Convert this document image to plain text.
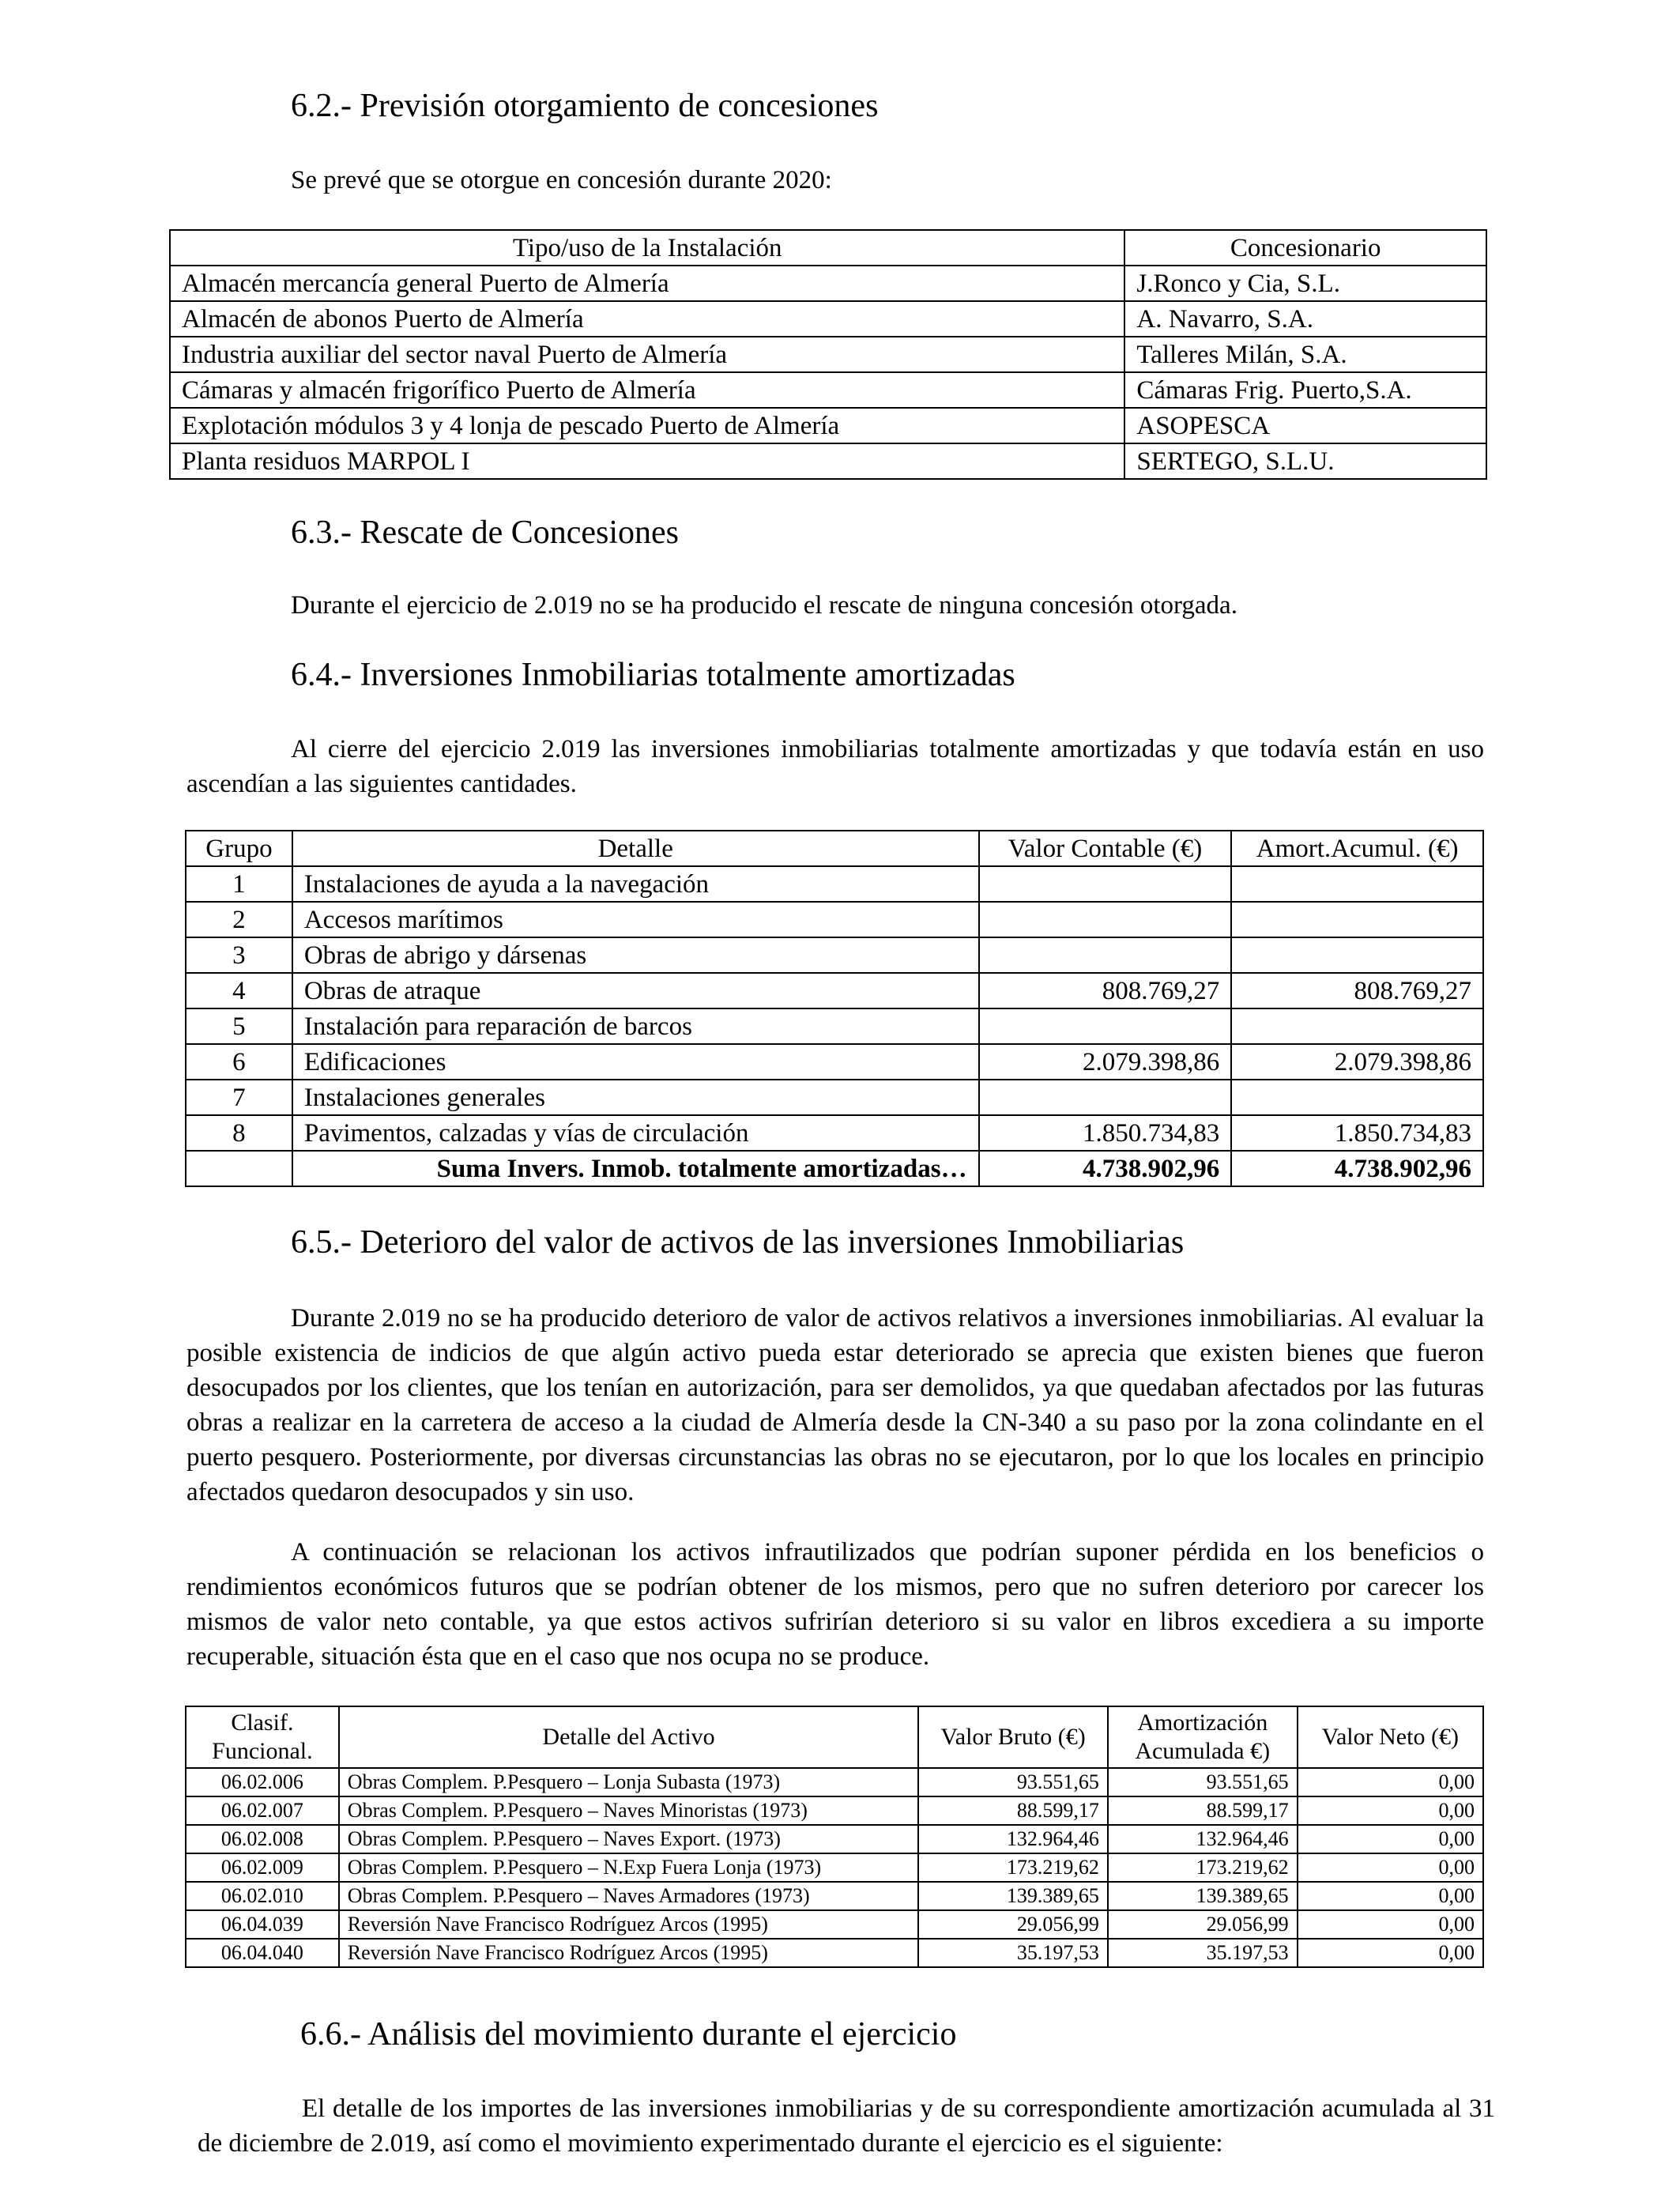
6.2.- Previsión otorgamiento de concesiones

Se prevé que se otorgue en concesión durante 2020:

Tipo/uso de la Instalación	Concesionario
Almacén mercancía general Puerto de Almería	J.Ronco y Cia, S.L.
Almacén de abonos Puerto de Almería	A. Navarro, S.A.
Industria auxiliar del sector naval Puerto de Almería	Talleres Milán, S.A.
Cámaras y almacén frigorífico Puerto de Almería	Cámaras Frig. Puerto,S.A.
Explotación módulos 3 y 4 lonja de pescado Puerto de Almería	ASOPESCA
Planta residuos MARPOL I	SERTEGO, S.L.U.
6.3.- Rescate de Concesiones

Durante el ejercicio de 2.019 no se ha producido el rescate de ninguna concesión otorgada.

6.4.- Inversiones Inmobiliarias totalmente amortizadas

Al cierre del ejercicio 2.019 las inversiones inmobiliarias totalmente amortizadas y que todavía están en uso ascendían a las siguientes cantidades.

Grupo	Detalle	Valor Contable (€)	Amort.Acumul. (€)
1	Instalaciones de ayuda a la navegación		
2	Accesos marítimos		
3	Obras de abrigo y dársenas		
4	Obras de atraque	808.769,27	808.769,27
5	Instalación para reparación de barcos		
6	Edificaciones	2.079.398,86	2.079.398,86
7	Instalaciones generales		
8	Pavimentos, calzadas y vías de circulación	1.850.734,83	1.850.734,83
	Suma Invers. Inmob. totalmente amortizadas…	4.738.902,96	4.738.902,96
6.5.- Deterioro del valor de activos de las inversiones Inmobiliarias

Durante 2.019 no se ha producido deterioro de valor de activos relativos a inversiones inmobiliarias. Al evaluar la posible existencia de indicios de que algún activo pueda estar deteriorado se aprecia que existen bienes que fueron desocupados por los clientes, que los tenían en autorización, para ser demolidos, ya que quedaban afectados por las futuras obras a realizar en la carretera de acceso a la ciudad de Almería desde la CN-340 a su paso por la zona colindante en el puerto pesquero. Posteriormente, por diversas circunstancias las obras no se ejecutaron, por lo que los locales en principio afectados quedaron desocupados y sin uso.

A continuación se relacionan los activos infrautilizados que podrían suponer pérdida en los beneficios o rendimientos económicos futuros que se podrían obtener de los mismos, pero que no sufren deterioro por carecer los mismos de valor neto contable, ya que estos activos sufrirían deterioro si su valor en libros excediera a su importe recuperable, situación ésta que en el caso que nos ocupa no se produce.

Clasif. Funcional.	Detalle del Activo	Valor Bruto (€)	Amortización Acumulada €)	Valor Neto (€)
06.02.006	Obras Complem. P.Pesquero – Lonja Subasta (1973)	93.551,65	93.551,65	0,00
06.02.007	Obras Complem. P.Pesquero – Naves Minoristas (1973)	88.599,17	88.599,17	0,00
06.02.008	Obras Complem. P.Pesquero – Naves Export. (1973)	132.964,46	132.964,46	0,00
06.02.009	Obras Complem. P.Pesquero – N.Exp Fuera Lonja (1973)	173.219,62	173.219,62	0,00
06.02.010	Obras Complem. P.Pesquero – Naves Armadores (1973)	139.389,65	139.389,65	0,00
06.04.039	Reversión Nave Francisco Rodríguez Arcos (1995)	29.056,99	29.056,99	0,00
06.04.040	Reversión Nave Francisco Rodríguez Arcos (1995)	35.197,53	35.197,53	0,00
6.6.- Análisis del movimiento durante el ejercicio

El detalle de los importes de las inversiones inmobiliarias y de su correspondiente amortización acumulada al 31 de diciembre de 2.019, así como el movimiento experimentado durante el ejercicio es el siguiente:
